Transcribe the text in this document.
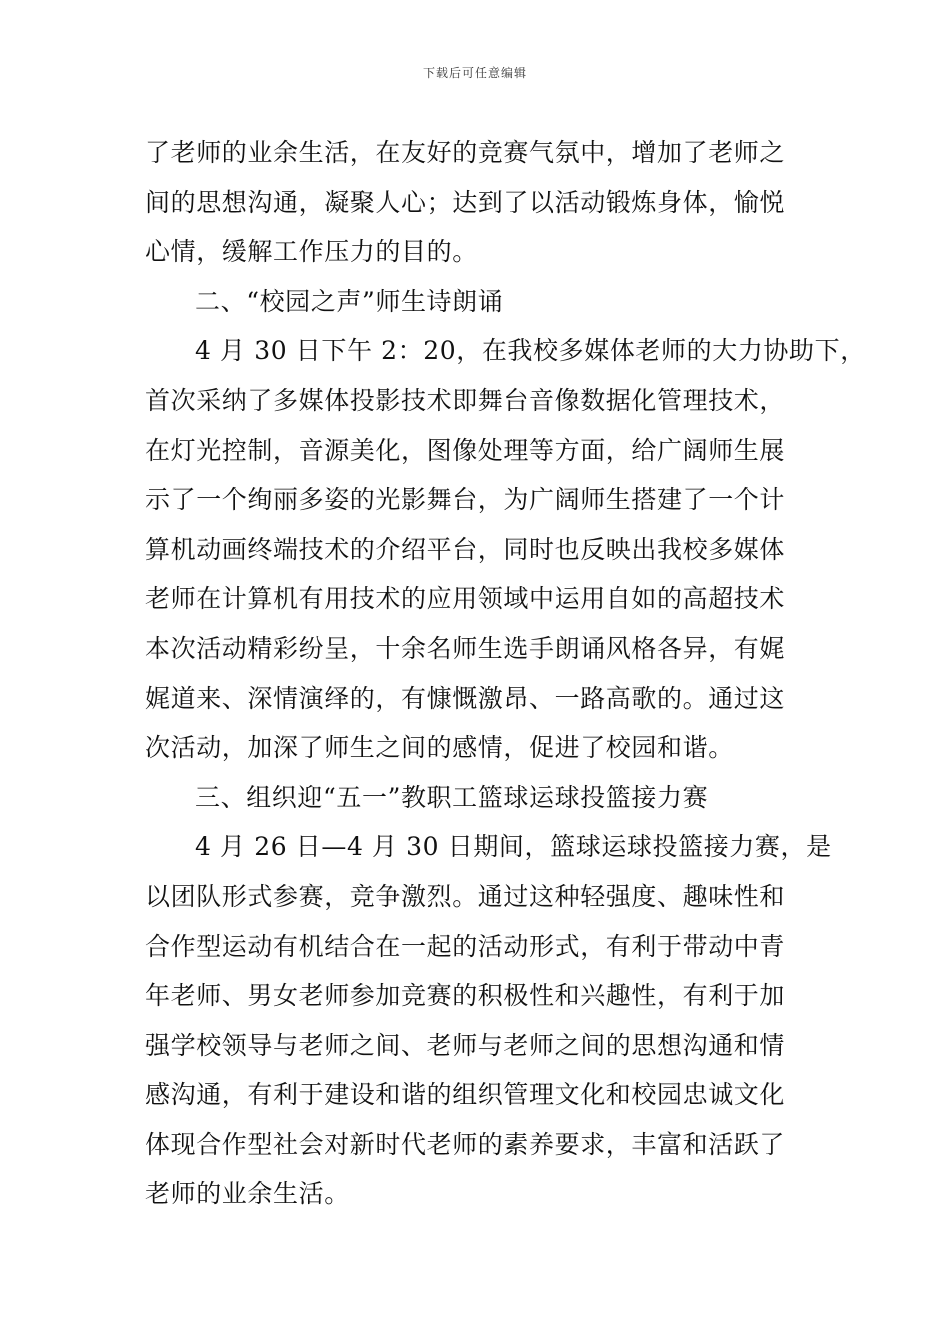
下载后可任意编辑
了老师的业余生活，在友好的竞赛气氛中，增加了老师之
间的思想沟通，凝聚人心；达到了以活动锻炼身体，愉悦
心情，缓解工作压力的目的。
二、“校园之声”师生诗朗诵
4 月 30 日下午 2：20，在我校多媒体老师的大力协助下，
首次采纳了多媒体投影技术即舞台音像数据化管理技术，
在灯光控制，音源美化，图像处理等方面，给广阔师生展
示了一个绚丽多姿的光影舞台，为广阔师生搭建了一个计
算机动画终端技术的介绍平台，同时也反映出我校多媒体
老师在计算机有用技术的应用领域中运用自如的高超技术
本次活动精彩纷呈，十余名师生选手朗诵风格各异，有娓
娓道来、深情演绎的，有慷慨激昂、一路高歌的。通过这
次活动，加深了师生之间的感情，促进了校园和谐。
三、组织迎“五一”教职工篮球运球投篮接力赛
4 月 26 日—4 月 30 日期间，篮球运球投篮接力赛，是
以团队形式参赛，竞争激烈。通过这种轻强度、趣味性和
合作型运动有机结合在一起的活动形式，有利于带动中青
年老师、男女老师参加竞赛的积极性和兴趣性，有利于加
强学校领导与老师之间、老师与老师之间的思想沟通和情
感沟通，有利于建设和谐的组织管理文化和校园忠诚文化
体现合作型社会对新时代老师的素养要求，丰富和活跃了
老师的业余生活。
